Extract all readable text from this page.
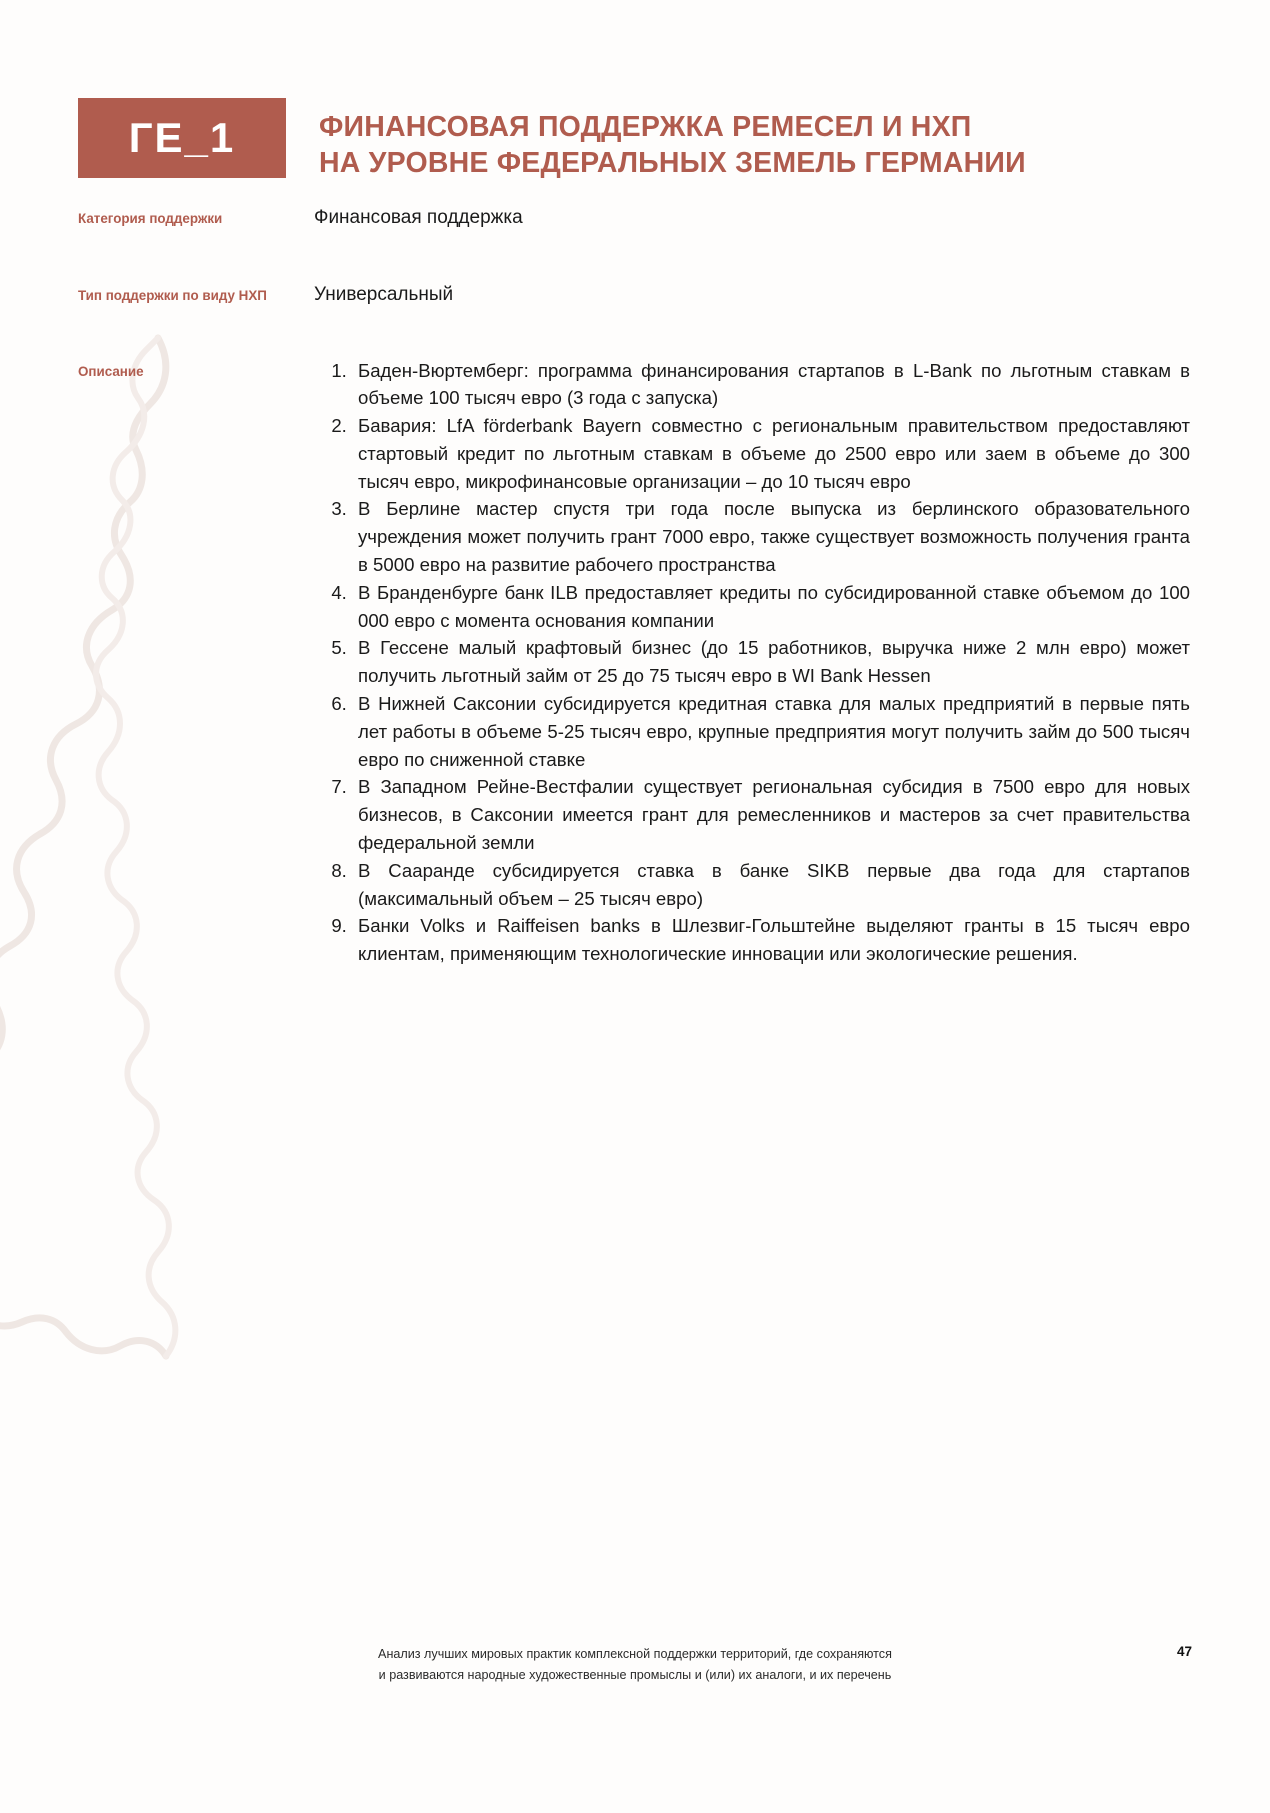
ГЕ_1	ФИНАНСОВАЯ ПОДДЕРЖКА РЕМЕСЕЛ И НХП
НА УРОВНЕ ФЕДЕРАЛЬНЫХ ЗЕМЕЛЬ ГЕРМАНИИ
Категория поддержки	Финансовая поддержка
Тип поддержки по виду НХП	Универсальный
Описание	1. Баден-Вюртемберг: программа финансирования стартапов в L-Bank по льготным ставкам в объеме 100 тысяч евро (3 года с запуска)
2. Бавария: LfA förderbank Bayern совместно с региональным правительством предоставляют стартовый кредит по льготным ставкам в объеме до 2500 евро или заем в объеме до 300 тысяч евро, микрофинансовые организации – до 10 тысяч евро
3. В Берлине мастер спустя три года после выпуска из берлинского образовательного учреждения может получить грант 7000 евро, также существует возможность получения гранта в 5000 евро на развитие рабочего пространства
4. В Бранденбурге банк ILB предоставляет кредиты по субсидированной ставке объемом до 100 000 евро с момента основания компании
5. В Гессене малый крафтовый бизнес (до 15 работников, выручка ниже 2 млн евро) может получить льготный займ от 25 до 75 тысяч евро в WI Bank Hessen
6. В Нижней Саксонии субсидируется кредитная ставка для малых предприятий в первые пять лет работы в объеме 5-25 тысяч евро, крупные предприятия могут получить займ до 500 тысяч евро по сниженной ставке
7. В Западном Рейне-Вестфалии существует региональная субсидия в 7500 евро для новых бизнесов, в Саксонии имеется грант для ремесленников и мастеров за счет правительства федеральной земли
8. В Сааранде субсидируется ставка в банке SIKB первые два года для стартапов (максимальный объем – 25 тысяч евро)
9. Банки Volks и Raiffeisen banks в Шлезвиг-Гольштейне выделяют гранты в 15 тысяч евро клиентам, применяющим технологические инновации или экологические решения.
Анализ лучших мировых практик комплексной поддержки территорий, где сохраняются
и развиваются народные художественные промыслы и (или) их аналоги, и их перечень
47
